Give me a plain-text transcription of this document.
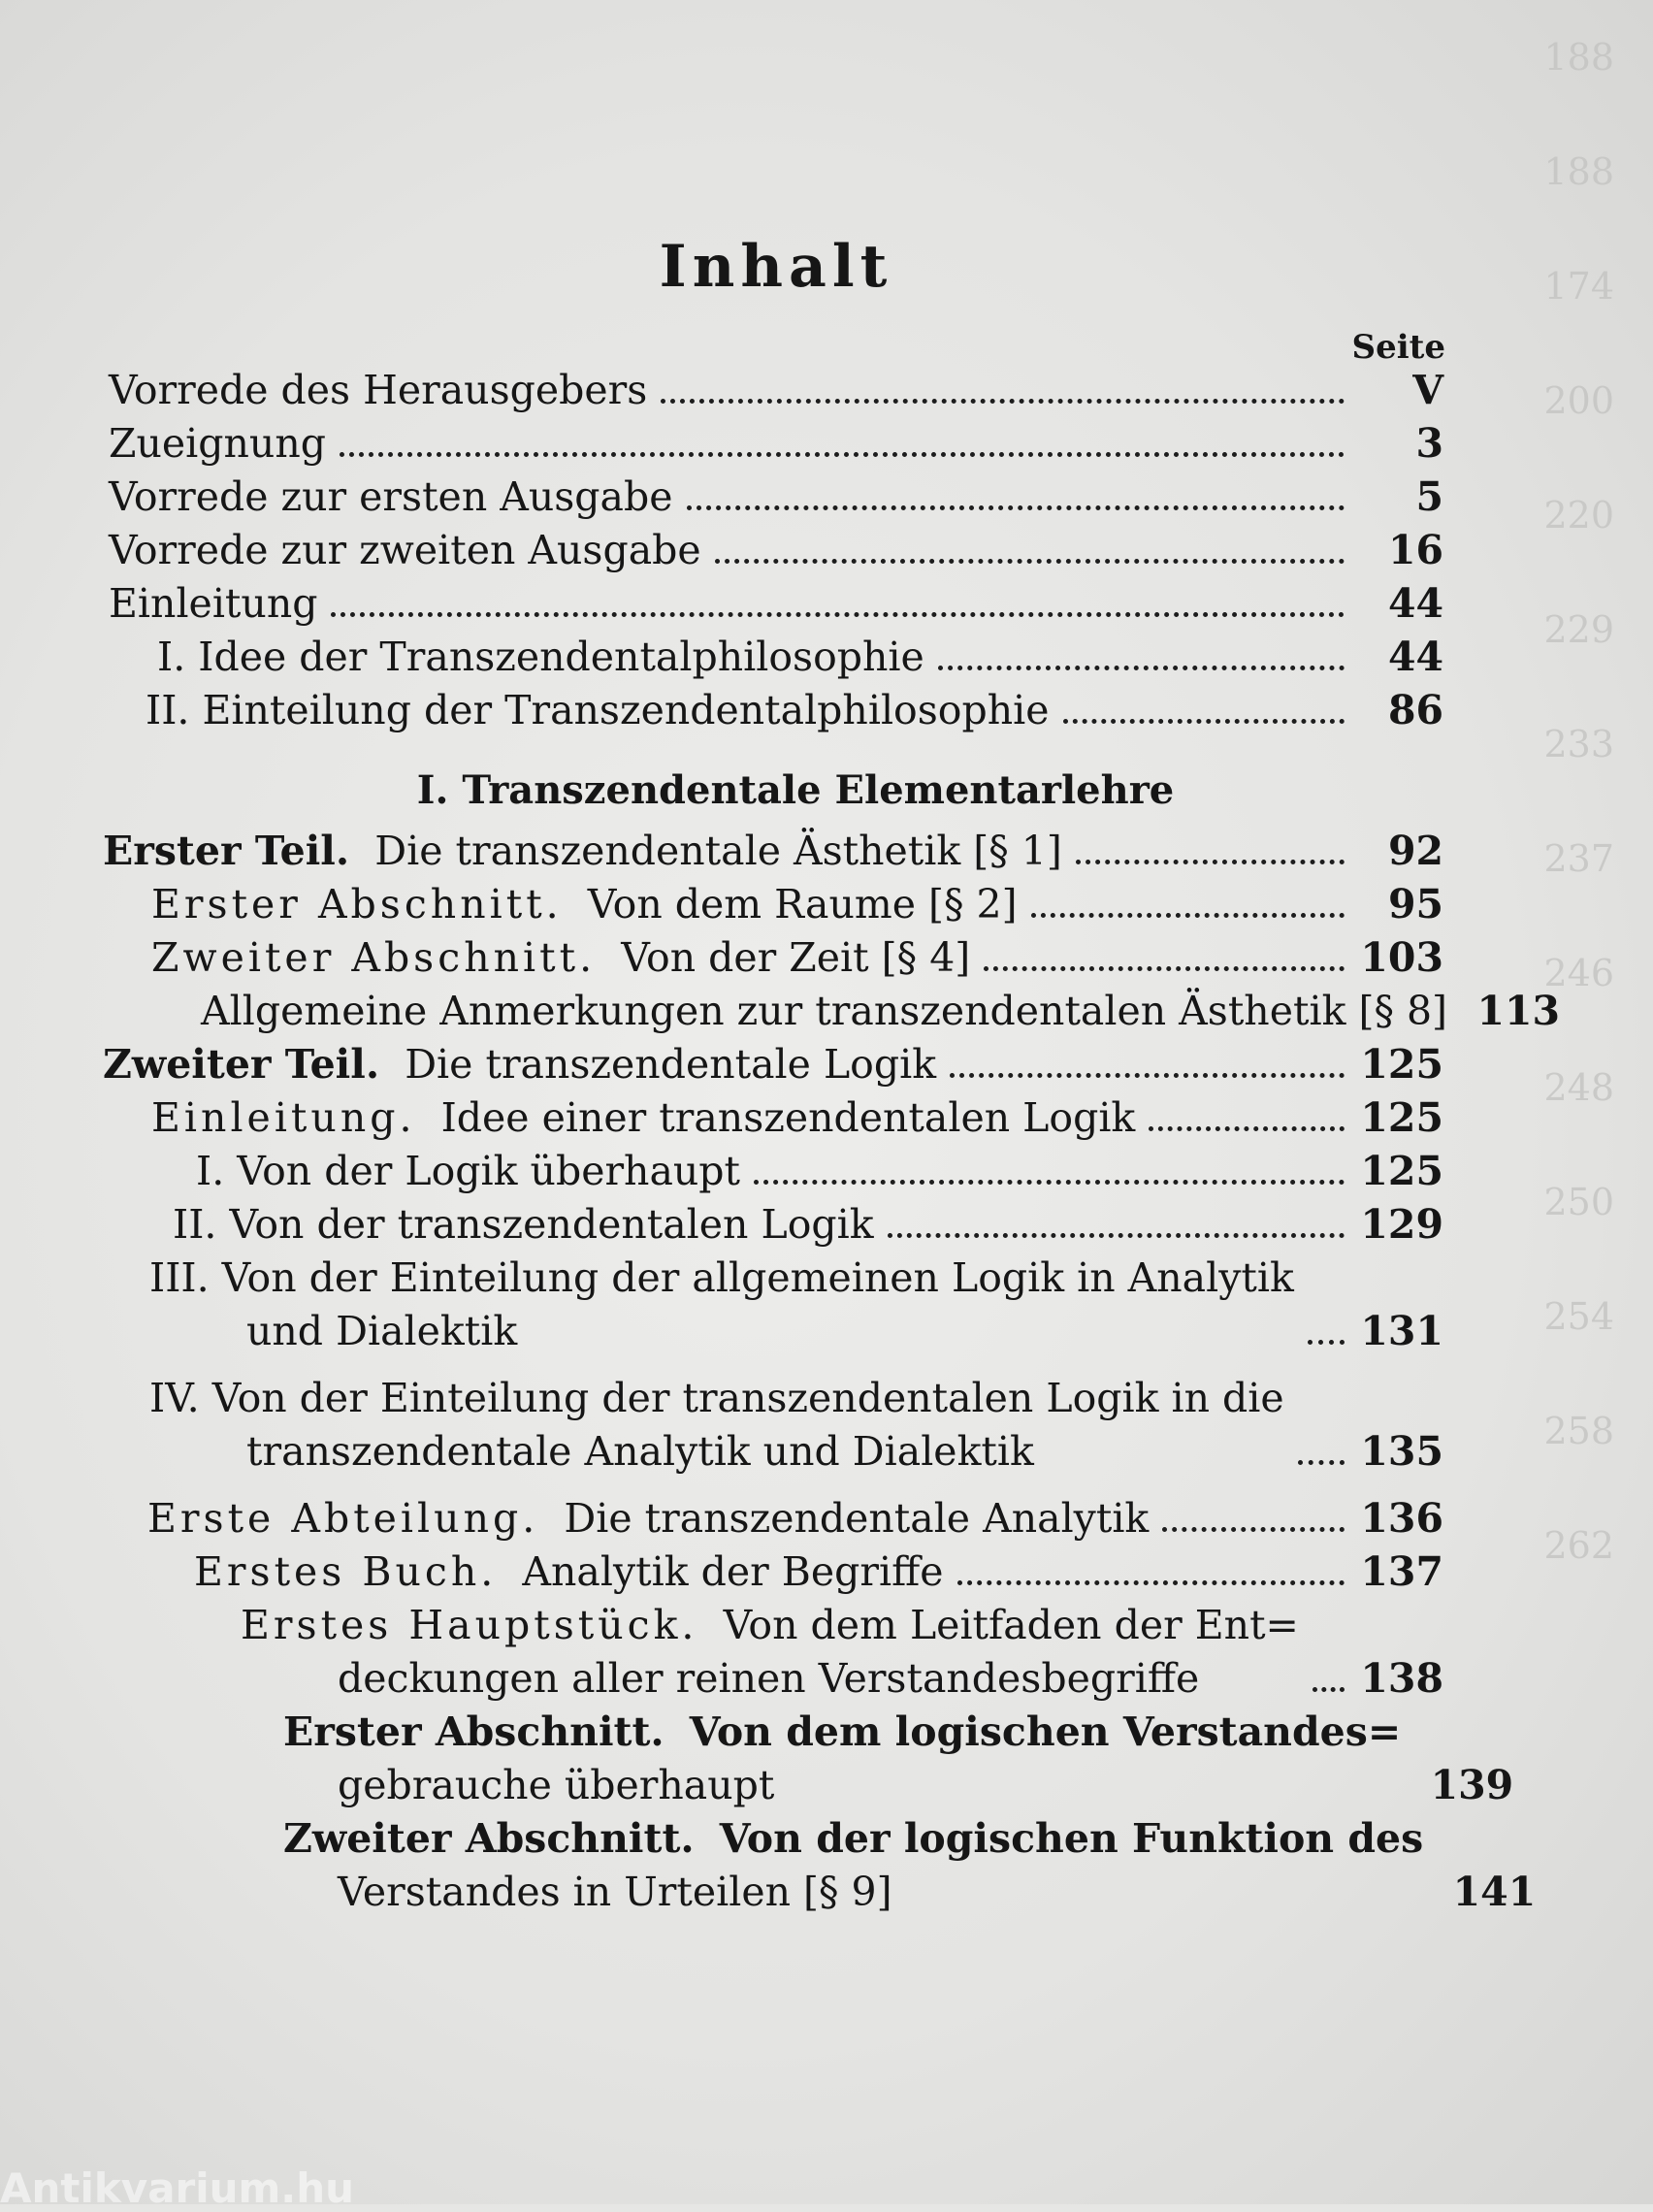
188
188
174
200
220
229
233
237
246
248
250
254
258
262
Inhalt
Seite
Vorrede des Herausgebers	V
Zueignung	3
Vorrede zur ersten Ausgabe	5
Vorrede zur zweiten Ausgabe	16
Einleitung	44
I. Idee der Transzendentalphilosophie	44
II. Einteilung der Transzendentalphilosophie	86
I. Transzendentale Elementarlehre
Erster Teil. Die transzendentale Ästhetik [§ 1]	92
Erster Abschnitt. Von dem Raume [§ 2]	95
Zweiter Abschnitt. Von der Zeit [§ 4]	103
Allgemeine Anmerkungen zur transzendentalen Ästhetik [§ 8] 113
Zweiter Teil. Die transzendentale Logik	125
Einleitung. Idee einer transzendentalen Logik	125
I. Von der Logik überhaupt	125
II. Von der transzendentalen Logik	129
III. Von der Einteilung der allgemeinen Logik in Analytik
und Dialektik	131
IV. Von der Einteilung der transzendentalen Logik in die
transzendentale Analytik und Dialektik	135
Erste Abteilung. Die transzendentale Analytik	136
Erstes Buch. Analytik der Begriffe	137
Erstes Hauptstück. Von dem Leitfaden der Ent=
deckungen aller reinen Verstandesbegriffe	138
Erster Abschnitt. Von dem logischen Verstandes=
gebrauche überhaupt	139
Zweiter Abschnitt. Von der logischen Funktion des
Verstandes in Urteilen [§ 9]	141
Antikvarium.hu
